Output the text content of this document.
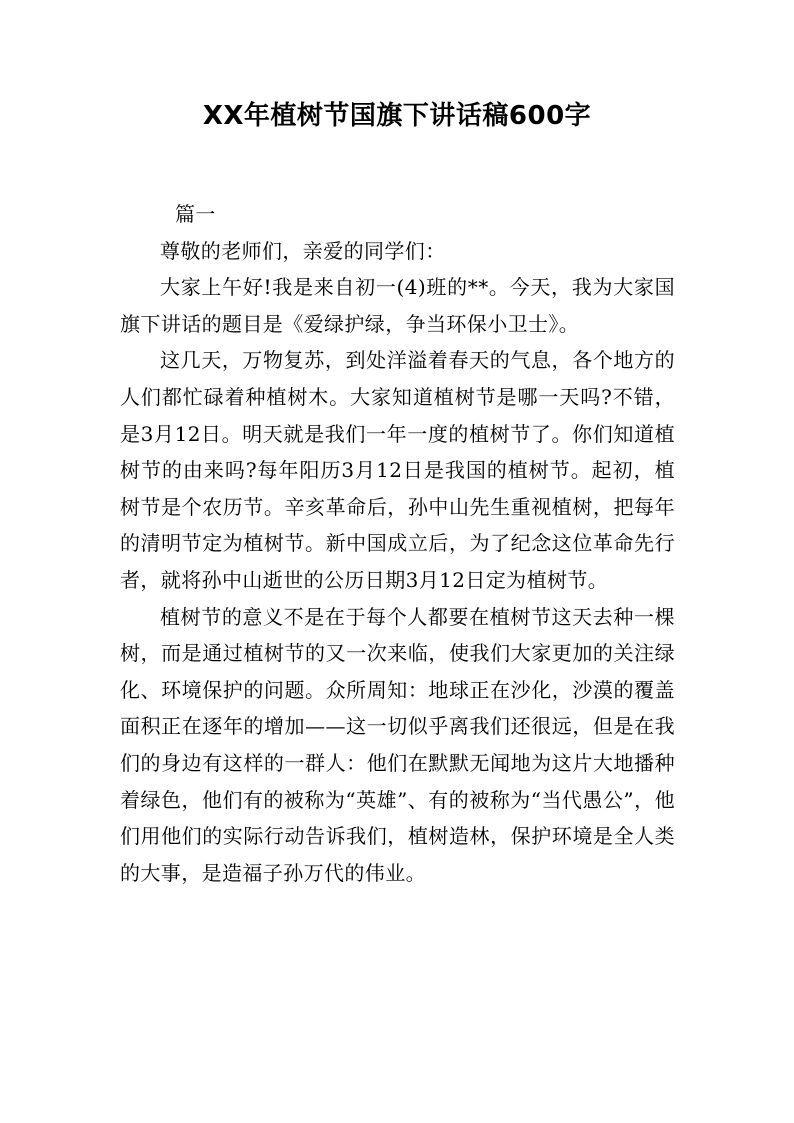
XX年植树节国旗下讲话稿600字

篇一

尊敬的老师们，亲爱的同学们：

大家上午好!我是来自初一(4)班的**。今天，我为大家国旗下讲话的题目是《爱绿护绿，争当环保小卫士》。

这几天，万物复苏，到处洋溢着春天的气息，各个地方的人们都忙碌着种植树木。大家知道植树节是哪一天吗?不错，是3月12日。明天就是我们一年一度的植树节了。你们知道植树节的由来吗?每年阳历3月12日是我国的植树节。起初，植树节是个农历节。辛亥革命后，孙中山先生重视植树，把每年的清明节定为植树节。新中国成立后，为了纪念这位革命先行者，就将孙中山逝世的公历日期3月12日定为植树节。

植树节的意义不是在于每个人都要在植树节这天去种一棵树，而是通过植树节的又一次来临，使我们大家更加的关注绿化、环境保护的问题。众所周知：地球正在沙化，沙漠的覆盖面积正在逐年的增加——这一切似乎离我们还很远，但是在我们的身边有这样的一群人：他们在默默无闻地为这片大地播种着绿色，他们有的被称为“英雄”、有的被称为“当代愚公”，他们用他们的实际行动告诉我们，植树造林，保护环境是全人类的大事，是造福子孙万代的伟业。
